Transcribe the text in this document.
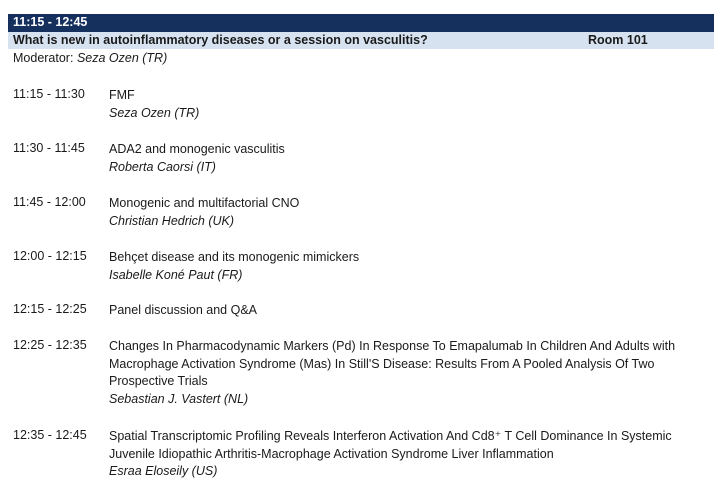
11:15 - 12:45
What is new in autoinflammatory diseases or a session on vasculitis?	Room 101
Moderator: Seza Ozen (TR)
11:15 - 11:30	FMF
Seza Ozen (TR)
11:30 - 11:45	ADA2 and monogenic vasculitis
Roberta Caorsi (IT)
11:45 - 12:00	Monogenic and multifactorial CNO
Christian Hedrich (UK)
12:00 - 12:15	Behçet disease and its monogenic mimickers
Isabelle Koné Paut (FR)
12:15 - 12:25	Panel discussion and Q&A
12:25 - 12:35	Changes In Pharmacodynamic Markers (Pd) In Response To Emapalumab In Children And Adults with Macrophage Activation Syndrome (Mas) In Still'S Disease: Results From A Pooled Analysis Of Two Prospective Trials
Sebastian J. Vastert (NL)
12:35 - 12:45	Spatial Transcriptomic Profiling Reveals Interferon Activation And Cd8⁺ T Cell Dominance In Systemic Juvenile Idiopathic Arthritis-Macrophage Activation Syndrome Liver Inflammation
Esraa Eloseily (US)
